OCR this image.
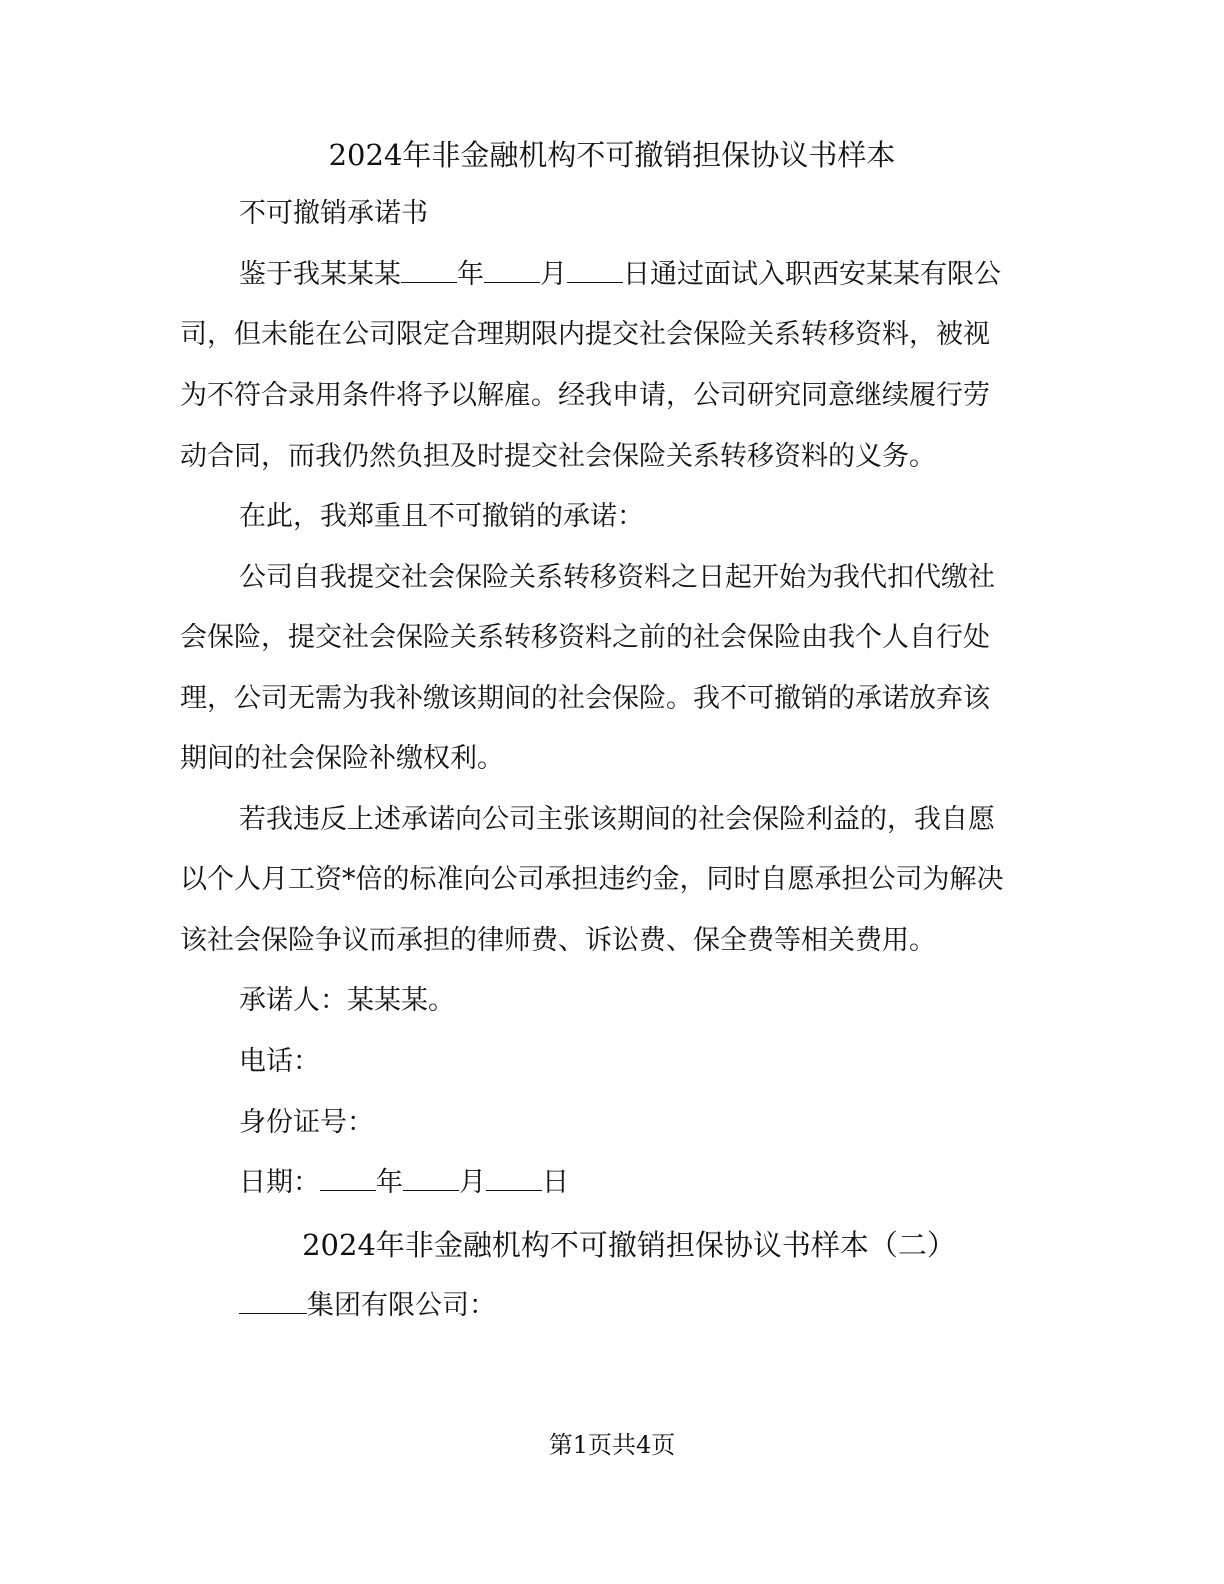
2024年非金融机构不可撤销担保协议书样本
不可撤销承诺书
鉴于我某某某 年 月 日通过面试入职西安某某有限公
司，但未能在公司限定合理期限内提交社会保险关系转移资料，被视
为不符合录用条件将予以解雇。经我申请，公司研究同意继续履行劳
动合同，而我仍然负担及时提交社会保险关系转移资料的义务。
在此，我郑重且不可撤销的承诺：
公司自我提交社会保险关系转移资料之日起开始为我代扣代缴社
会保险，提交社会保险关系转移资料之前的社会保险由我个人自行处
理，公司无需为我补缴该期间的社会保险。我不可撤销的承诺放弃该
期间的社会保险补缴权利。
若我违反上述承诺向公司主张该期间的社会保险利益的，我自愿
以个人月工资*倍的标准向公司承担违约金，同时自愿承担公司为解决
该社会保险争议而承担的律师费、诉讼费、保全费等相关费用。
承诺人：某某某。
电话：
身份证号：
日期： 年 月 日
2024年非金融机构不可撤销担保协议书样本（二）
集团有限公司：
第1页共4页
